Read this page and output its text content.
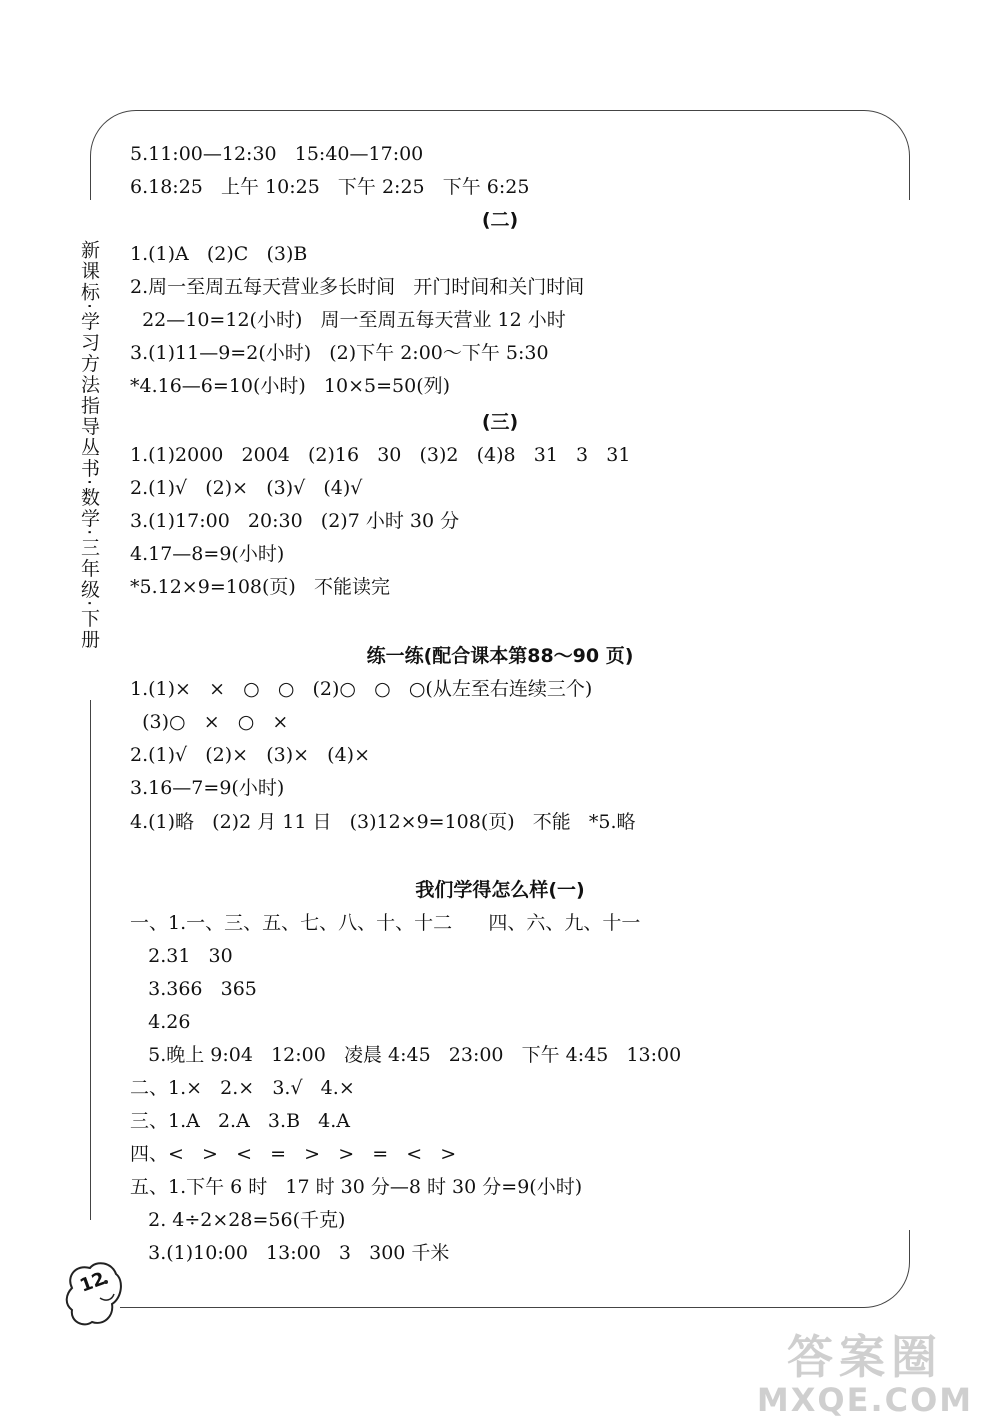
新课标·学习方法指导丛书·数学·三年级·下册
5.11:00—12:30   15:40—17:00
6.18:25   上午 10:25   下午 2:25   下午 6:25
(二)
1.(1)A   (2)C   (3)B
2.周一至周五每天营业多长时间   开门时间和关门时间
22—10=12(小时)   周一至周五每天营业 12 小时
3.(1)11—9=2(小时)   (2)下午 2:00～下午 5:30
*4.16—6=10(小时)   10×5=50(列)
(三)
1.(1)2000   2004   (2)16   30   (3)2   (4)8   31   3   31
2.(1)√   (2)×   (3)√   (4)√
3.(1)17:00   20:30   (2)7 小时 30 分
4.17—8=9(小时)
*5.12×9=108(页)   不能读完
练一练(配合课本第88～90 页)
1.(1)×   ×   ○   ○   (2)○   ○   ○(从左至右连续三个)
(3)○   ×   ○   ×
2.(1)√   (2)×   (3)×   (4)×
3.16—7=9(小时)
4.(1)略   (2)2 月 11 日   (3)12×9=108(页)   不能   *5.略
我们学得怎么样(一)
一、1.一、三、五、七、八、十、十二      四、六、九、十一
2.31   30
3.366   365
4.26
5.晚上 9:04   12:00   凌晨 4:45   23:00   下午 4:45   13:00
二、1.×   2.×   3.√   4.×
三、1.A   2.A   3.B   4.A
四、<   >   <   =   >   >   =   <   >
五、1.下午 6 时   17 时 30 分—8 时 30 分=9(小时)
2. 4÷2×28=56(千克)
3.(1)10:00   13:00   3   300 千米
12
答案圈
MXQE.COM
